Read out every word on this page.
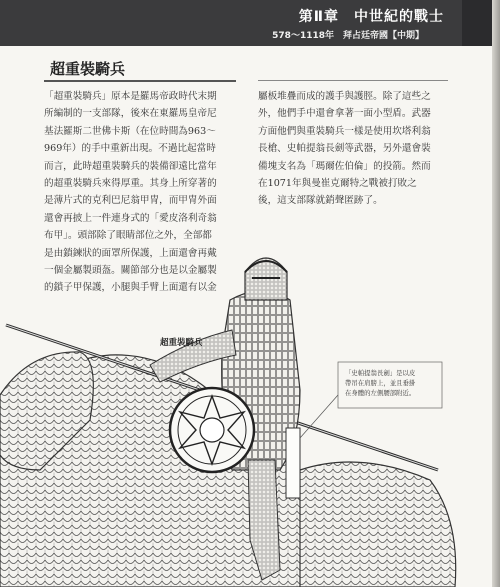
第Ⅱ章　中世紀的戰士
578～1118年　拜占廷帝國【中期】
超重裝騎兵

「超重裝騎兵」原本是羅馬帝政時代末期

所編制的一支部隊，後來在東羅馬皇帝尼

基法羅斯二世佛卡斯（在位時間為963～

969年）的手中重新出現。不過比起當時

而言，此時超重裝騎兵的裝備卻遠比當年

的超重裝騎兵來得厚重。其身上所穿著的

是薄片式的克利巴尼翁甲冑，而甲冑外面

還會再披上一件連身式的「愛皮洛利奇翁

布甲」。頭部除了眼睛部位之外，全部都

是由鎖鍊狀的面罩所保護，上面還會再戴

一個金屬製頭盔。關節部分也是以金屬製

的鎖子甲保護，小腿與手臂上面還有以金

屬板堆疊而成的護手與護脛。除了這些之

外，他們手中還會拿著一面小型盾。武器

方面他們與重裝騎兵一樣是使用坎塔利翁

長槍、史帕提翁長劍等武器，另外還會裝

備塊支名為「瑪爾佐伯倫」的投箭。然而

在1071年與曼崔克爾特之戰被打敗之

後，這支部隊就銷聲匿跡了。

超重裝騎兵

「史帕提翁長劍」是以皮

帶吊在肩膀上，並且垂掛

在身體的左側腰部附近。
